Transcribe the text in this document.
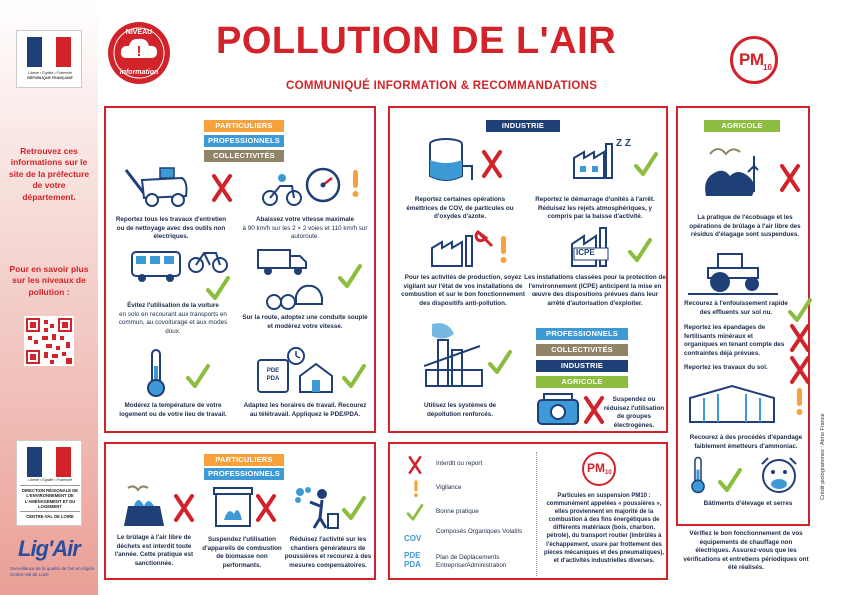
Liberté • Égalité • Fraternité
RÉPUBLIQUE FRANÇAISE
Retrouvez ces informations sur le site de la préfecture de votre département.
Pour en savoir plus sur les niveaux de pollution :
Liberté • Égalité • Fraternité
DIRECTION RÉGIONALE DE L'ENVIRONNEMENT DE L'AMÉNAGEMENT ET DU LOGEMENT
CENTRE-VAL DE LOIRE
Lig'Air
Surveillance de la qualité de l'air en région Centre-Val de Loire
!
NIVEAU
information
POLLUTION DE L'AIR
COMMUNIQUÉ INFORMATION & RECOMMANDATIONS
PM 10
PARTICULIERS
PROFESSIONNELS
COLLECTIVITÉS
Reportez tous les travaux d'entretien ou de nettoyage avec des outils non électriques.
Abaissez votre vitesse maximale
à 90 km/h sur les 2 × 2 voies et 110 km/h sur autoroute.
Évitez l'utilisation de la voiture
en solo en recourant aux transports en commun, au covoiturage et aux modes doux.
Sur la route, adoptez une conduite souple et modérez votre vitesse.
Modérez la température de votre logement ou de votre lieu de travail.
PDE
PDA
Adaptez les horaires de travail. Recourez au télétravail. Appliquez le PDE/PDA.
INDUSTRIE
Reportez certaines opérations émettrices de COV, de particules ou d'oxydes d'azote.
Z Z
Reportez le démarrage d'unités à l'arrêt. Réduisez les rejets atmosphériques, y compris par la baisse d'activité.
Pour les activités de production, soyez vigilant sur l'état de vos installations de combustion et sur le bon fonctionnement des dispositifs anti-pollution.
ICPE
Les installations classées pour la protection de l'environnement (ICPE) anticipent la mise en œuvre des dispositions prévues dans leur arrêté d'autorisation d'exploiter.
Utilisez les systèmes de dépollution renforcés.
PROFESSIONNELS
COLLECTIVITÉS
INDUSTRIE
AGRICOLE
Suspendez ou réduisez l'utilisation de groupes électrogènes.
AGRICOLE
La pratique de l'écobuage et les opérations de brûlage à l'air libre des résidus d'élagage sont suspendues.
Recourez à l'enfouissement rapide des effluents sur sol nu.
Reportez les épandages de fertilisants minéraux et organiques en tenant compte des contraintes déjà prévues.
Reportez les travaux du sol.
Recourez à des procédés d'épandage faiblement émetteurs d'ammoniac.
Bâtiments d'élevage et serres
Vérifiez le bon fonctionnement de vos équipements de chauffage non électriques. Assurez-vous que les vérifications et entretiens périodiques ont été réalisés.
PARTICULIERS
PROFESSIONNELS
Le brûlage à l'air libre de déchets est interdit toute l'année. Cette pratique est sanctionnée.
Suspendez l'utilisation d'appareils de combustion de biomasse non performants.
Réduisez l'activité sur les chantiers générateurs de poussières et recourez à des mesures compensatoires.
Interdit ou report
Vigilance
Bonne pratique
COV
Composés Organiques Volatils
PDE PDA
Plan de Déplacements Entreprise/Administration
PM 10
Particules en suspension PM10 : communément appelées « poussières », elles proviennent en majorité de la combustion à des fins énergétiques de différents matériaux (bois, charbon, pétrole), du transport routier (imbrûlés à l'échappement, usure par frottement des pièces mécaniques et des pneumatiques), et d'activités industrielles diverses.
Crédit pictogrammes : Atmo France
